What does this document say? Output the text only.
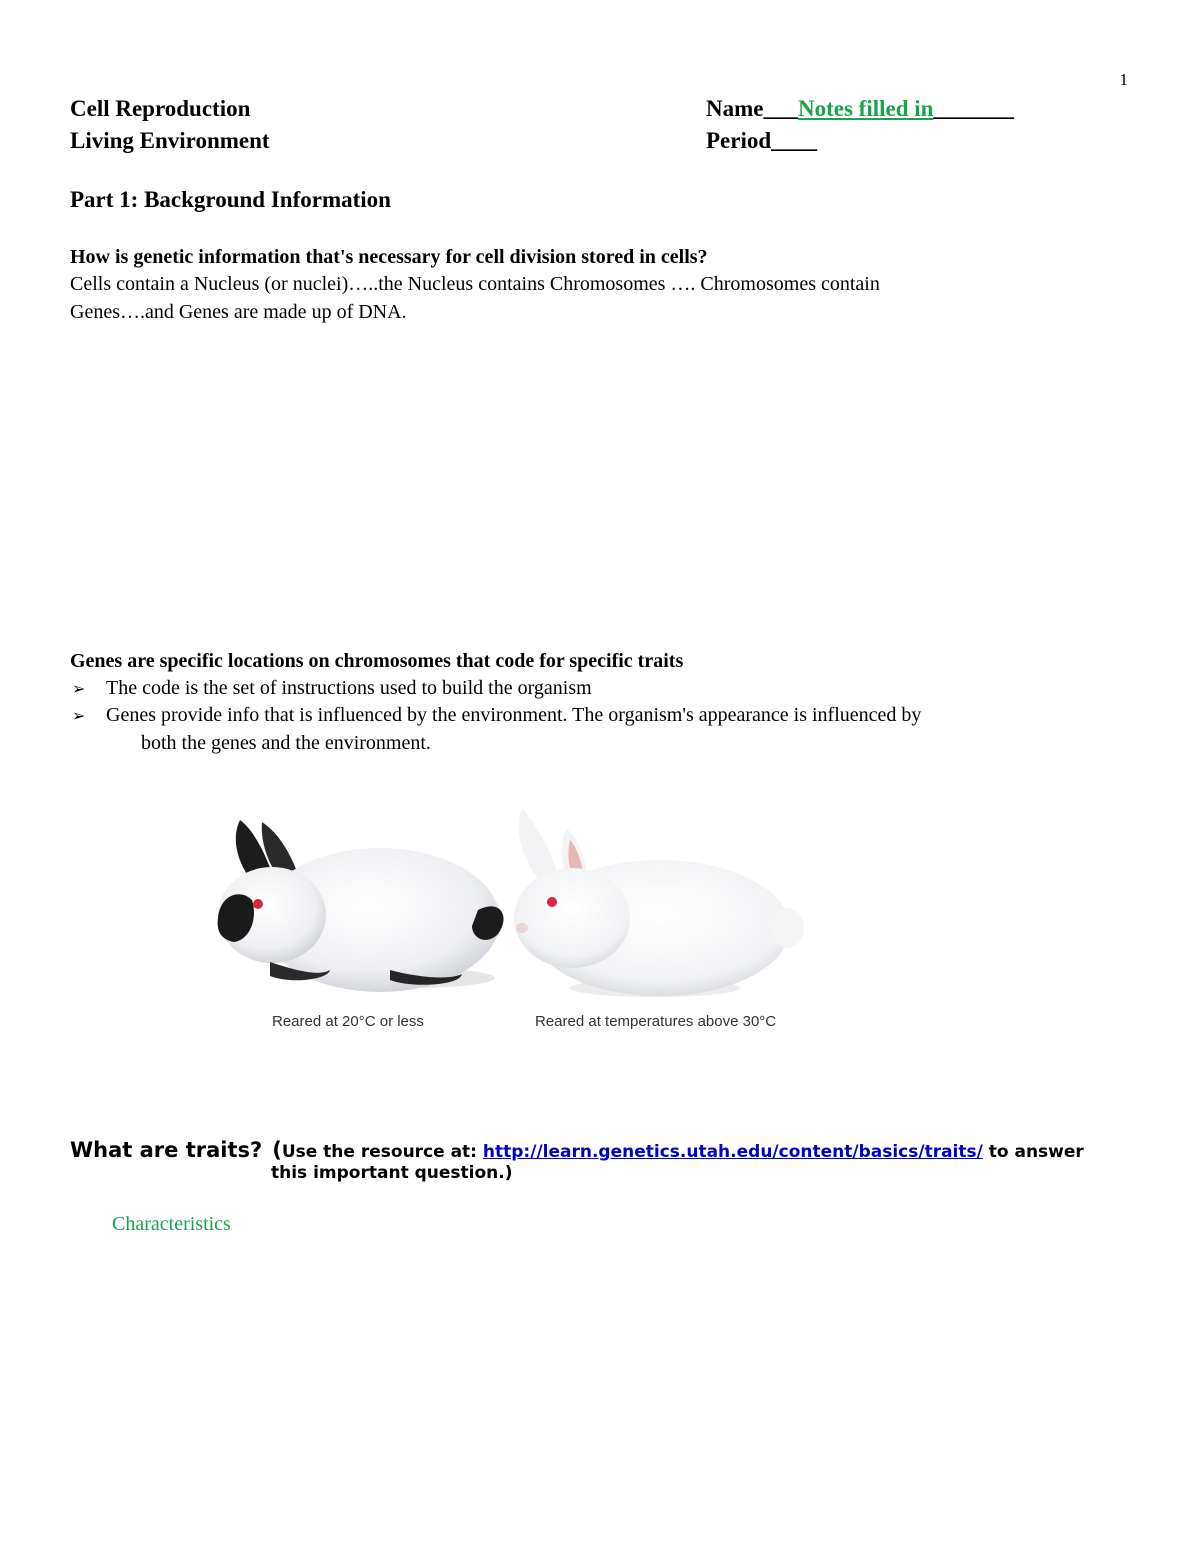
1
Cell Reproduction
Living Environment
Name___Notes filled in_______
Period____
Part 1: Background Information
How is genetic information that's necessary for cell division stored in cells?
Cells contain a Nucleus (or nuclei)…..the Nucleus contains Chromosomes …. Chromosomes contain
Genes….and Genes are made up of DNA.
Genes are specific locations on chromosomes that code for specific traits
➢ The code is the set of instructions used to build the organism
➢ Genes provide info that is influenced by the environment. The organism's appearance is influenced by
both the genes and the environment.
Reared at 20°C or less	Reared at temperatures above 30°C
What are traits? (Use the resource at: http://learn.genetics.utah.edu/content/basics/traits/ to answer
this important question.)
Characteristics
